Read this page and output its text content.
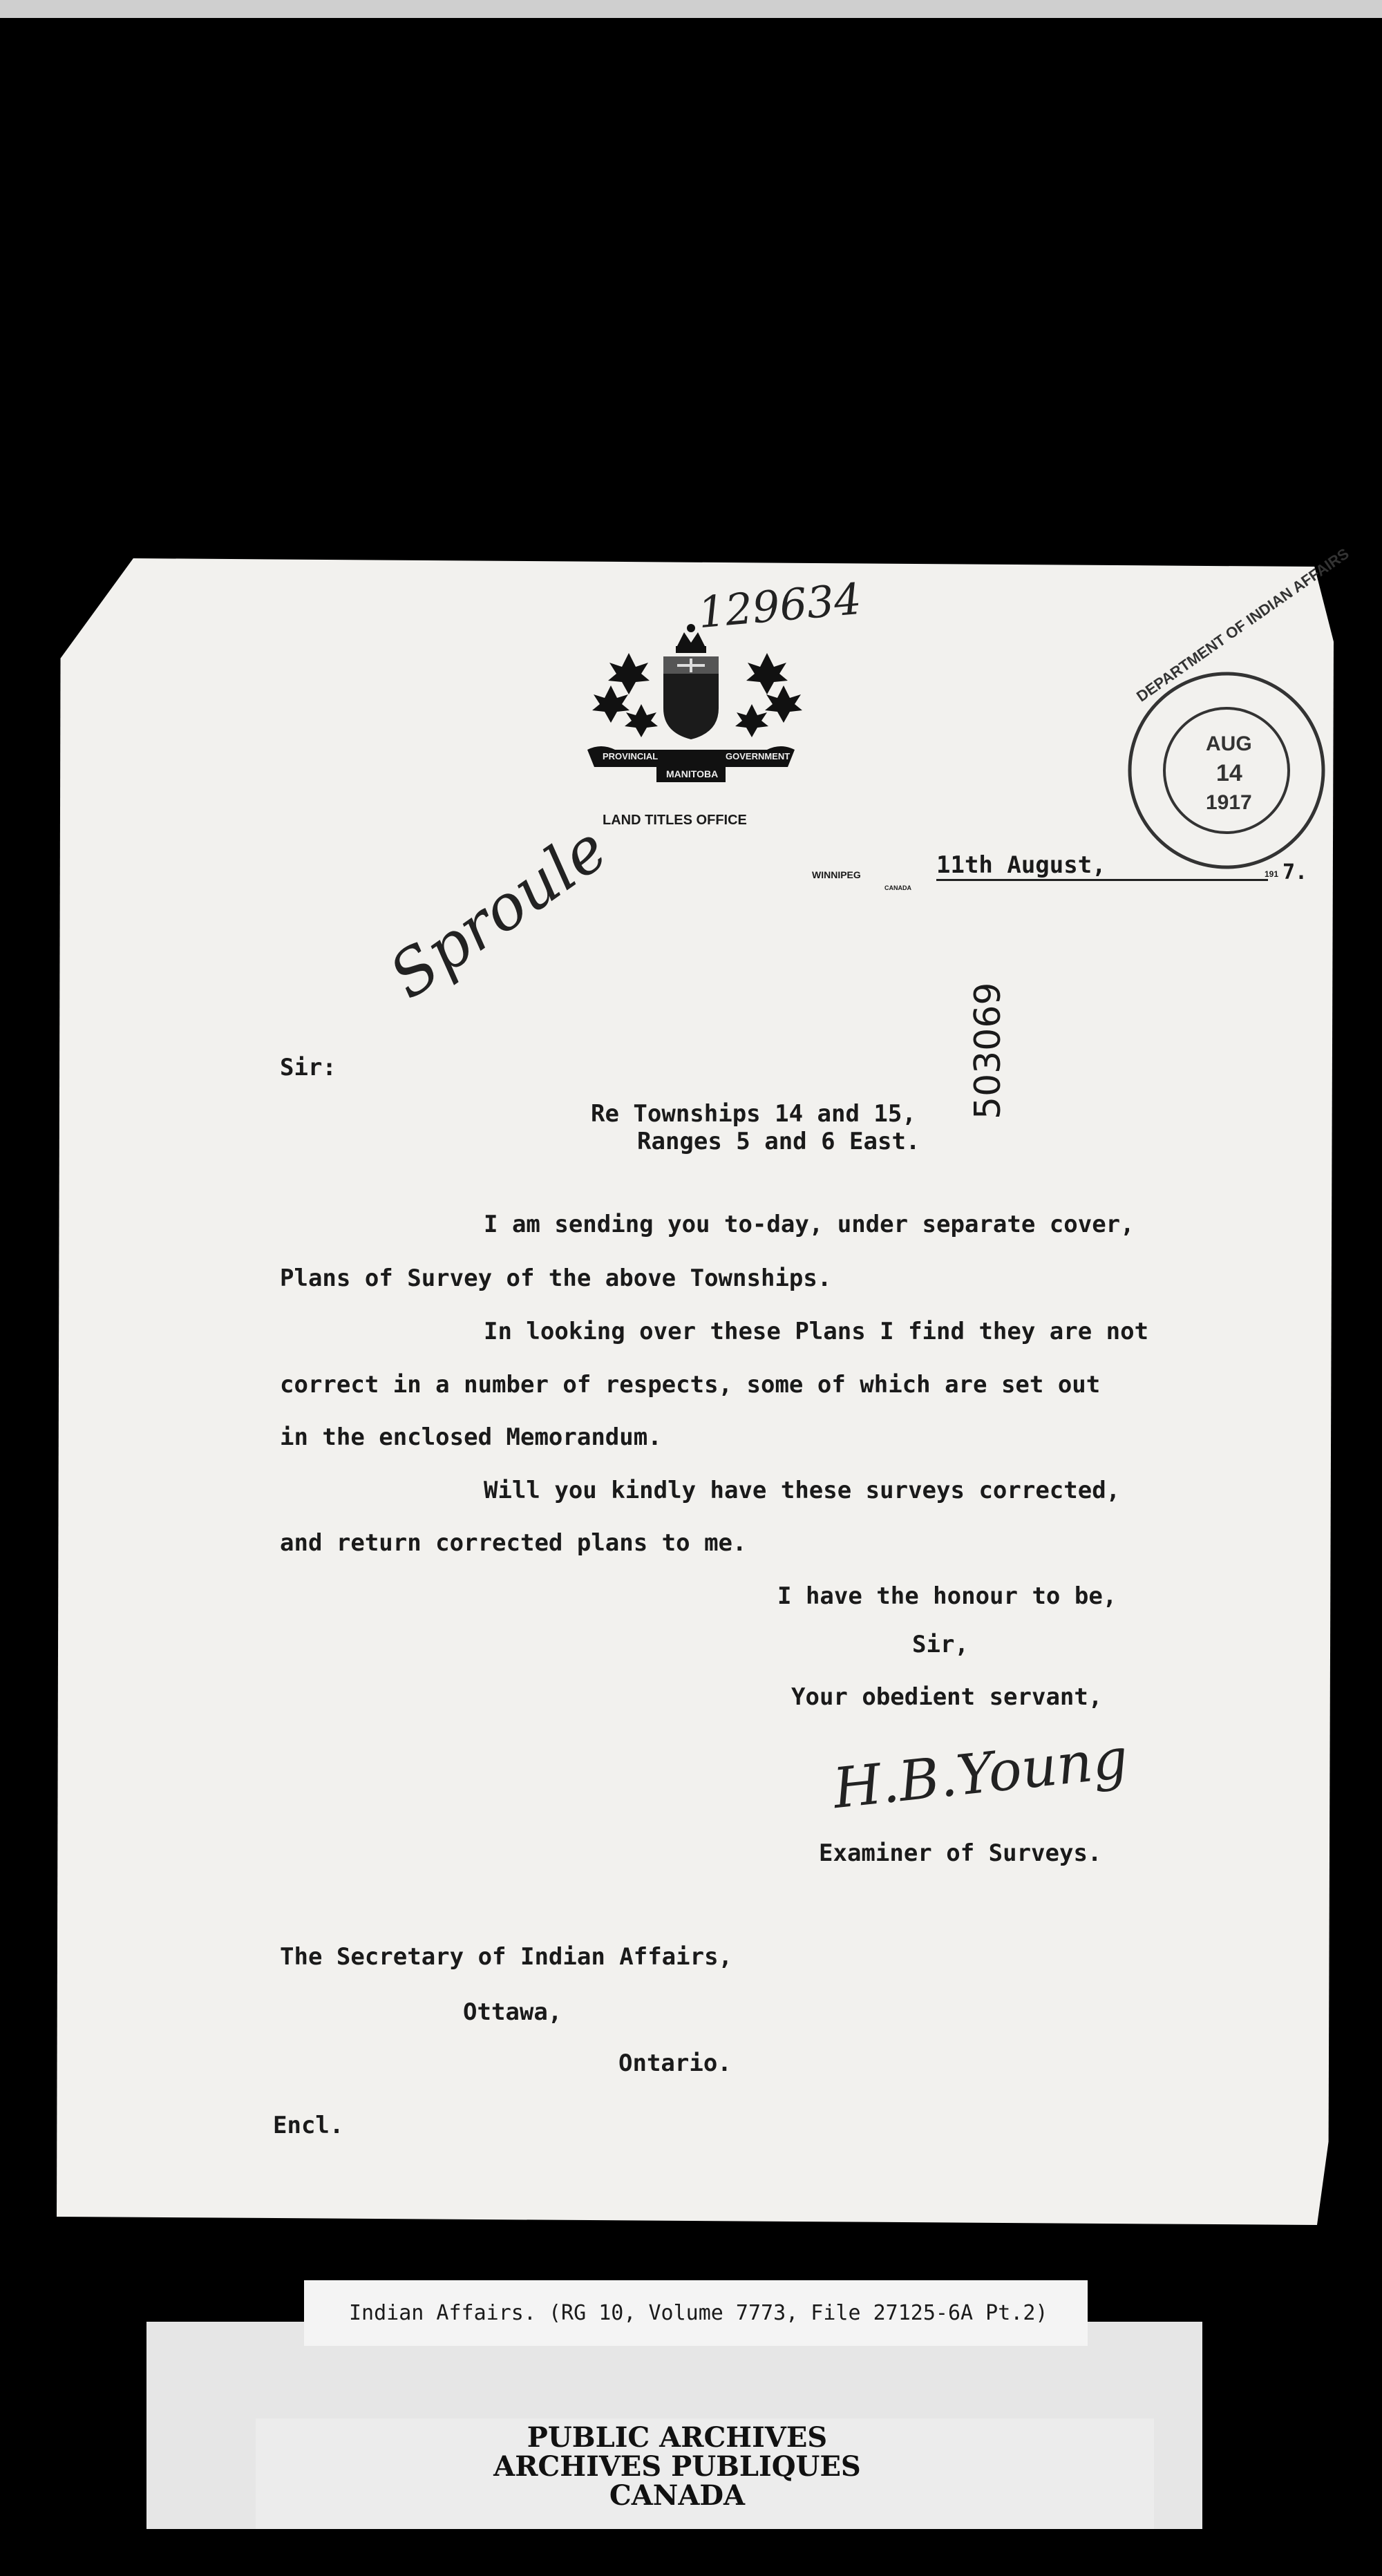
129634
PROVINCIAL	GOVERNMENT
MANITOBA
LAND TITLES OFFICE
WINNIPEG
CANADA
11th August,	191 7.
DEPARTMENT OF INDIAN AFFAIRS
AUG
14
1917
Sproule
503069
Sir:
Re Townships 14 and 15,
Ranges 5 and 6 East.
I am sending you to-day, under separate cover,
Plans of Survey of the above Townships.
In looking over these Plans I find they are not
correct in a number of respects, some of which are set out
in the enclosed Memorandum.
Will you kindly have these surveys corrected,
and return corrected plans to me.
I have the honour to be,
Sir,
Your obedient servant,
H.B.Young
Examiner of Surveys.
The Secretary of Indian Affairs,
Ottawa,
Ontario.
Encl.
Indian Affairs. (RG 10, Volume 7773, File 27125-6A Pt.2)
PUBLIC ARCHIVES
ARCHIVES PUBLIQUES
CANADA
